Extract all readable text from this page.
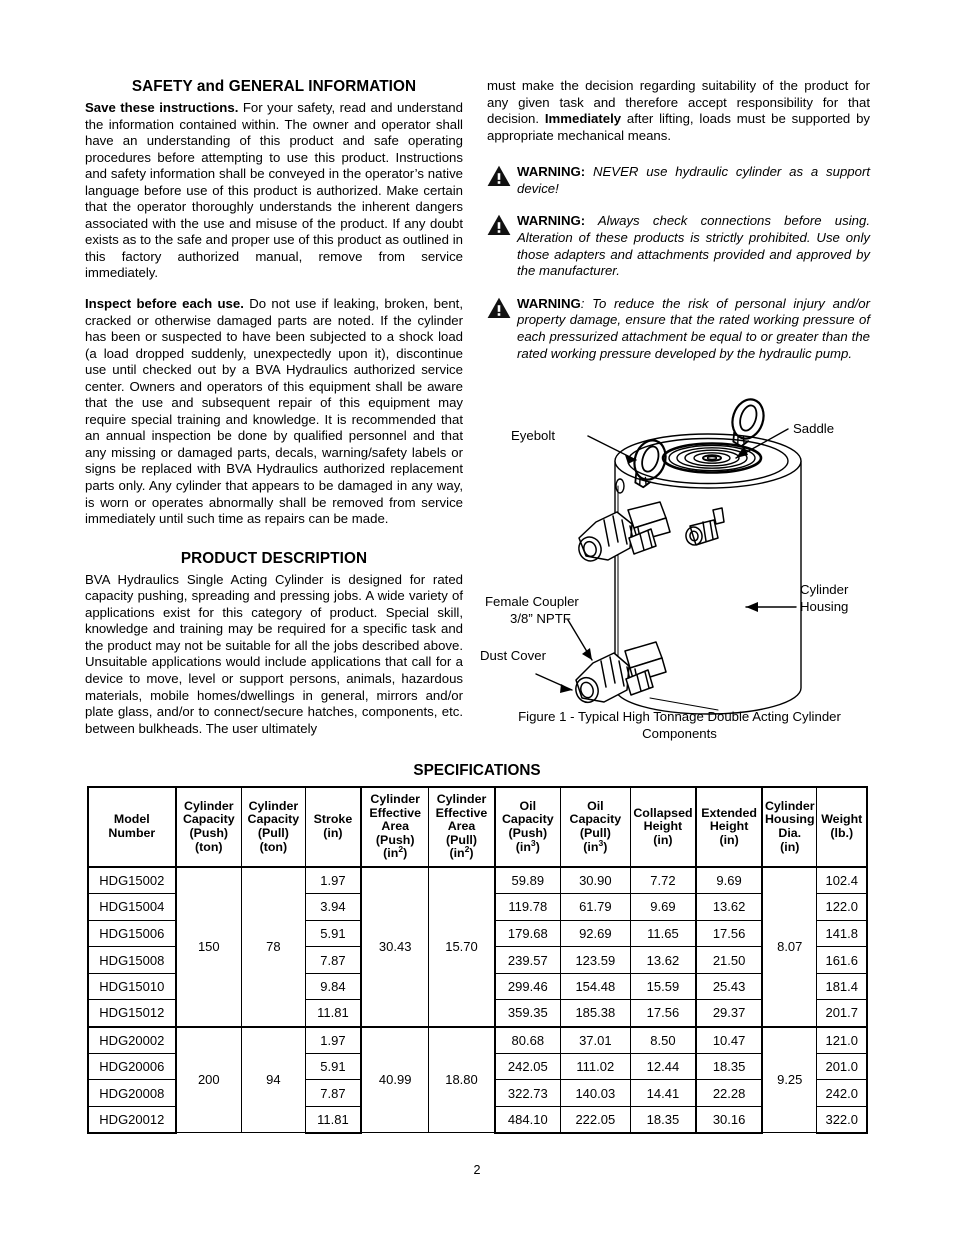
SAFETY and GENERAL INFORMATION

Save these instructions. For your safety, read and understand the information contained within. The owner and operator shall have an understanding of this product and safe operating procedures before attempting to use this product. Instructions and safety information shall be conveyed in the operator’s native language before use of this product is authorized. Make certain that the operator thoroughly understands the inherent dangers associated with the use and misuse of the product. If any doubt exists as to the safe and proper use of this product as outlined in this factory authorized manual, remove from service immediately.

Inspect before each use. Do not use if leaking, broken, bent, cracked or otherwise damaged parts are noted. If the cylinder has been or suspected to have been subjected to a shock load (a load dropped suddenly, unexpectedly upon it), discontinue use until checked out by a BVA Hydraulics authorized service center. Owners and operators of this equipment shall be aware that the use and subsequent repair of this equipment may require special training and knowledge. It is recommended that an annual inspection be done by qualified personnel and that any missing or damaged parts, decals, warning/safety labels or signs be replaced with BVA Hydraulics authorized replacement parts only. Any cylinder that appears to be damaged in any way, is worn or operates abnormally shall be removed from service immediately until such time as repairs can be made.

PRODUCT DESCRIPTION

BVA Hydraulics Single Acting Cylinder is designed for rated capacity pushing, spreading and pressing jobs. A wide variety of applications exist for this category of product. Special skill, knowledge and training may be required for a specific task and the product may not be suitable for all the jobs described above. Unsuitable applications would include applications that call for a device to move, level or support persons, animals, hazardous materials, mobile homes/dwellings in general, mirrors and/or plate glass, and/or to connect/secure hatches, components, etc. between bulkheads. The user ultimately

must make the decision regarding suitability of the product for any given task and therefore accept responsibility for that decision. Immediately after lifting, loads must be supported by appropriate mechanical means.

WARNING: NEVER use hydraulic cylinder as a support device!
WARNING: Always check connections before using. Alteration of these products is strictly prohibited. Use only those adapters and attachments provided and approved by the manufacturer.
WARNING: To reduce the risk of personal injury and/or property damage, ensure that the rated working pressure of each pressurized attachment be equal to or greater than the rated working pressure developed by the hydraulic pump.
Eyebolt	Saddle
Cylinder
Housing
Female Coupler
3/8” NPTF
Dust Cover
Figure 1 - Typical High Tonnage Double Acting Cylinder
Components
SPECIFICATIONS
Model
Number	Cylinder
Capacity
(Push)
(ton)	Cylinder
Capacity
(Pull)
(ton)	Stroke
(in)	Cylinder
Effective
Area
(Push)
$(in^2)$	Cylinder
Effective
Area
(Pull)
$(in^2)$	Oil
Capacity
(Push)
$(in^3)$	Oil
Capacity
(Pull)
$(in^3)$	Collapsed
Height
(in)	Extended
Height
(in)	Cylinder
Housing
Dia.
(in)	Weight
(lb.)
HDG15002	150	78	1.97	30.43	15.70	59.89	30.90	7.72	9.69	8.07	102.4
HDG15004			3.94			119.78	61.79	9.69	13.62		122.0
HDG15006			5.91			179.68	92.69	11.65	17.56		141.8
HDG15008			7.87			239.57	123.59	13.62	21.50		161.6
HDG15010			9.84			299.46	154.48	15.59	25.43		181.4
HDG15012			11.81			359.35	185.38	17.56	29.37		201.7
HDG20002	200	94	1.97	40.99	18.80	80.68	37.01	8.50	10.47	9.25	121.0
HDG20006			5.91			242.05	111.02	12.44	18.35		201.0
HDG20008			7.87			322.73	140.03	14.41	22.28		242.0
HDG20012			11.81			484.10	222.05	18.35	30.16		322.0
2
